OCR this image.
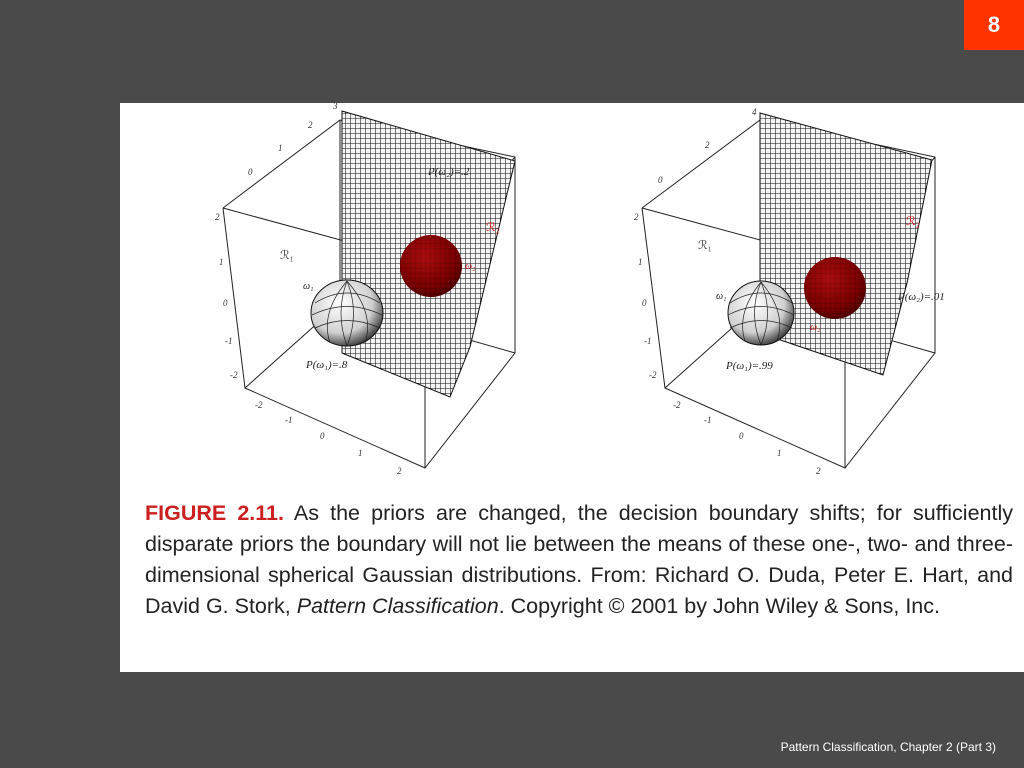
8
P(ω₂)=.2
P(ω₁)=.8
ℛ₁
ℛ₂
ω₁
ω₂
2
1
0
-1
-2
3
2
1
0
-2
-1
0
1
2
P(ω₂)=.01
P(ω₁)=.99
ℛ₁
ℛ₂
ω₁
ω₂
2
1
0
-1
-2
4
2
0
-2
-1
0
1
2
FIGURE 2.11. As the priors are changed, the decision boundary shifts; for sufficiently disparate priors the boundary will not lie between the means of these one-, two- and three-dimensional spherical Gaussian distributions. From: Richard O. Duda, Peter E. Hart, and David G. Stork, Pattern Classification. Copyright © 2001 by John Wiley & Sons, Inc.
Pattern Classification, Chapter 2 (Part 3)
